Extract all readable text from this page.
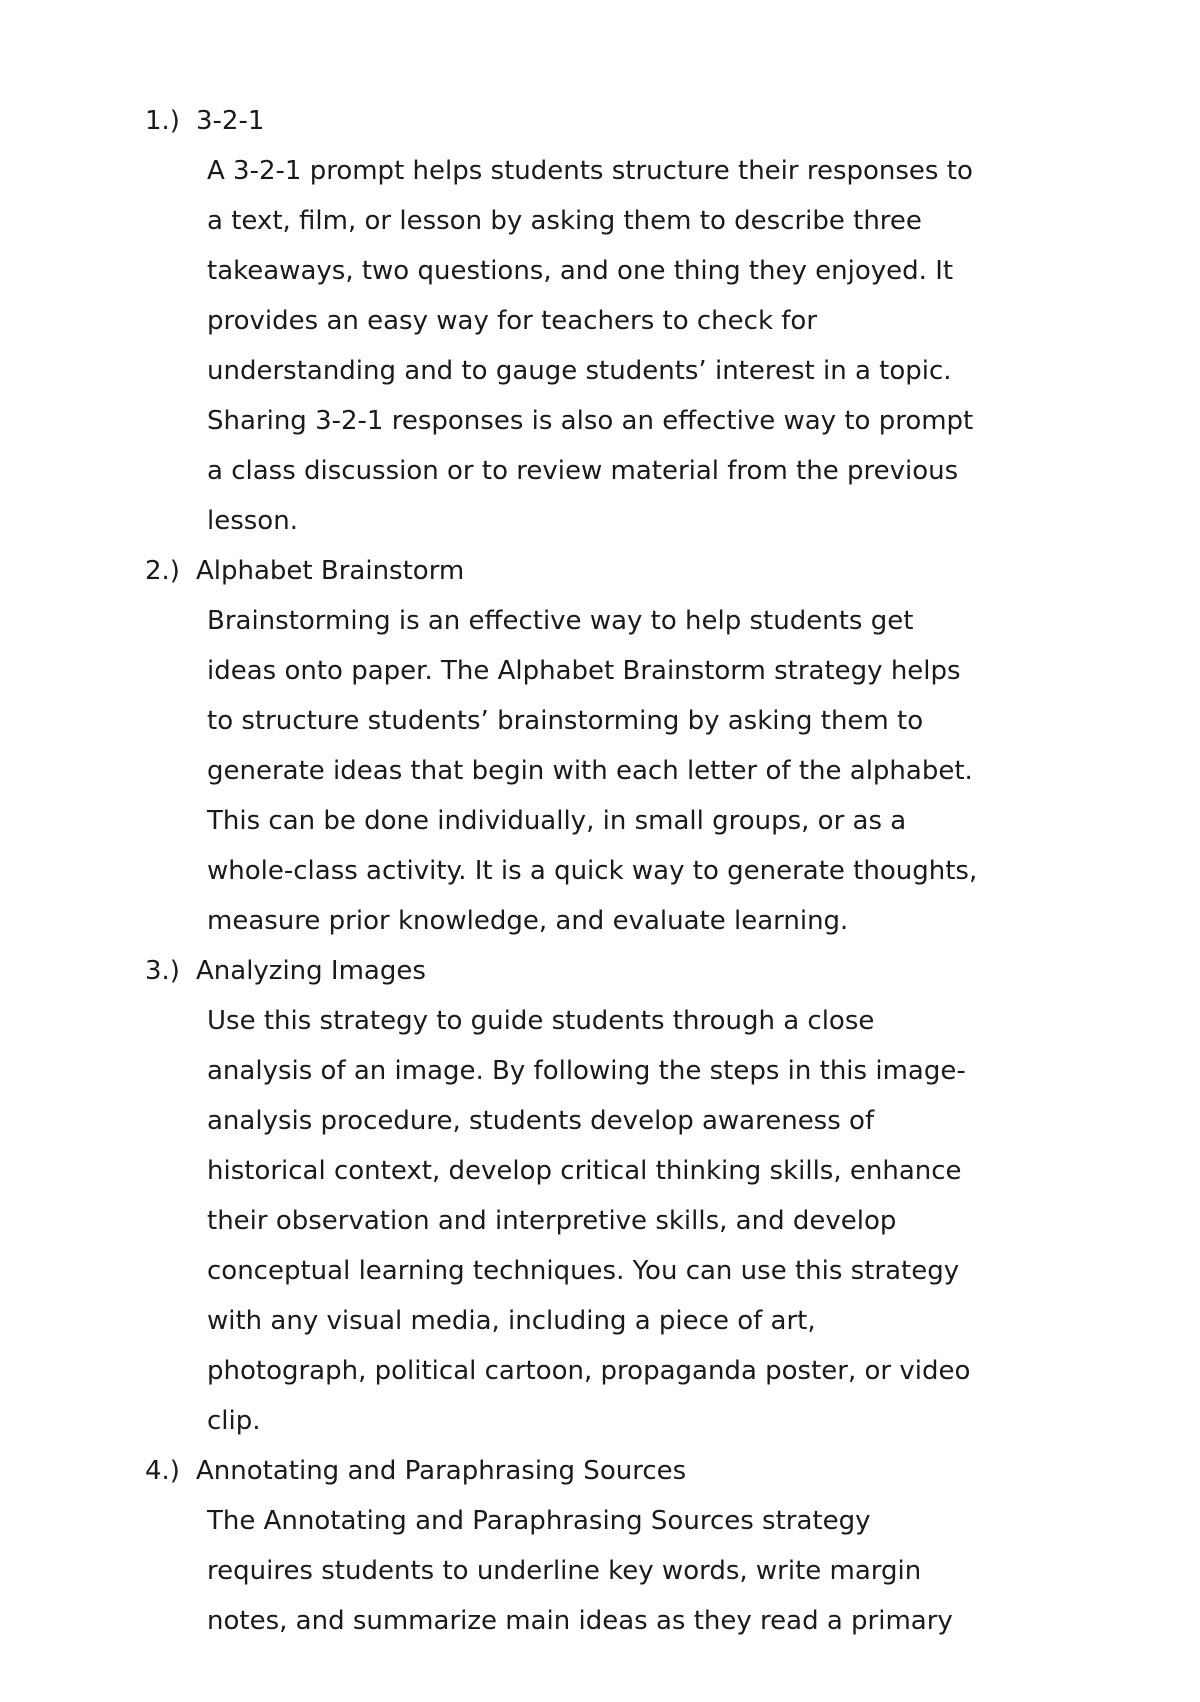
1.) 3-2-1
A 3-2-1 prompt helps students structure their responses to
a text, film, or lesson by asking them to describe three
takeaways, two questions, and one thing they enjoyed. It
provides an easy way for teachers to check for
understanding and to gauge students’ interest in a topic.
Sharing 3-2-1 responses is also an effective way to prompt
a class discussion or to review material from the previous
lesson.
2.) Alphabet Brainstorm
Brainstorming is an effective way to help students get
ideas onto paper. The Alphabet Brainstorm strategy helps
to structure students’ brainstorming by asking them to
generate ideas that begin with each letter of the alphabet.
This can be done individually, in small groups, or as a
whole-class activity. It is a quick way to generate thoughts,
measure prior knowledge, and evaluate learning.
3.) Analyzing Images
Use this strategy to guide students through a close
analysis of an image. By following the steps in this image-
analysis procedure, students develop awareness of
historical context, develop critical thinking skills, enhance
their observation and interpretive skills, and develop
conceptual learning techniques. You can use this strategy
with any visual media, including a piece of art,
photograph, political cartoon, propaganda poster, or video
clip.
4.) Annotating and Paraphrasing Sources
The Annotating and Paraphrasing Sources strategy
requires students to underline key words, write margin
notes, and summarize main ideas as they read a primary
